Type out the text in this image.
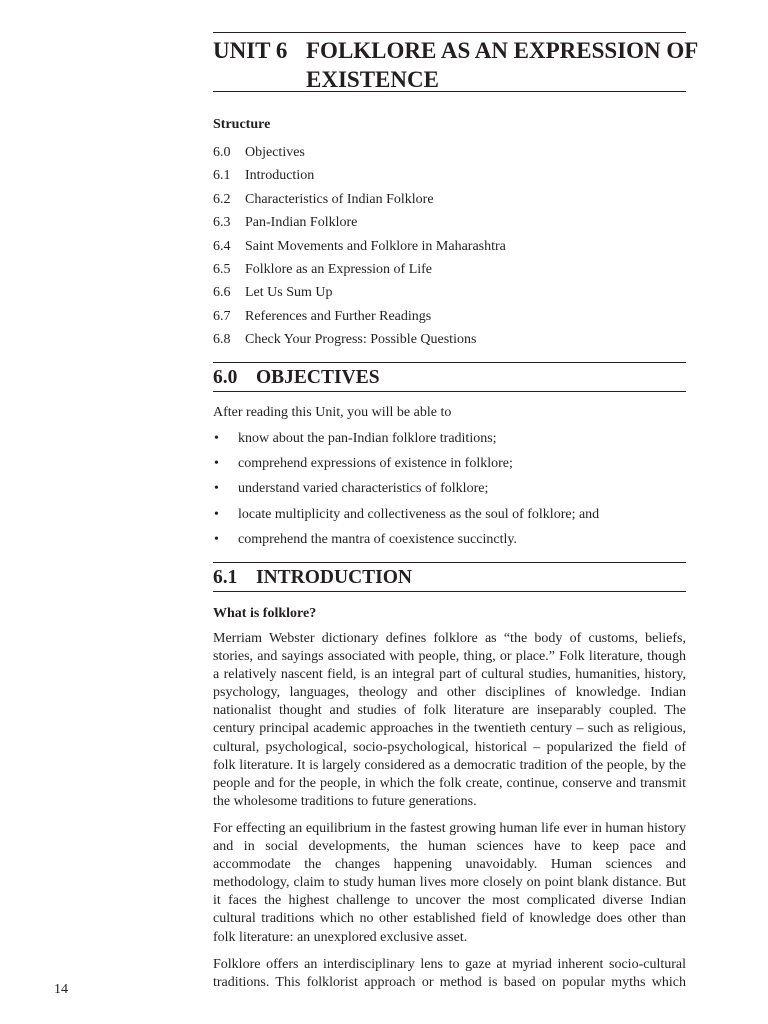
UNIT 6 FOLKLORE AS AN EXPRESSION OF EXISTENCE
Structure
6.0 Objectives
6.1 Introduction
6.2 Characteristics of Indian Folklore
6.3 Pan-Indian Folklore
6.4 Saint Movements and Folklore in Maharashtra
6.5 Folklore as an Expression of Life
6.6 Let Us Sum Up
6.7 References and Further Readings
6.8 Check Your Progress: Possible Questions
6.0 OBJECTIVES
After reading this Unit, you will be able to
• know about the pan-Indian folklore traditions;
• comprehend expressions of existence in folklore;
• understand varied characteristics of folklore;
• locate multiplicity and collectiveness as the soul of folklore; and
• comprehend the mantra of coexistence succinctly.
6.1 INTRODUCTION
What is folklore?

Merriam Webster dictionary defines folklore as “the body of customs, beliefs, stories, and sayings associated with people, thing, or place.” Folk literature, though a relatively nascent field, is an integral part of cultural studies, humanities, history, psychology, languages, theology and other disciplines of knowledge. Indian nationalist thought and studies of folk literature are inseparably coupled. The century principal academic approaches in the twentieth century – such as religious, cultural, psychological, socio-psychological, historical – popularized the field of folk literature. It is largely considered as a democratic tradition of the people, by the people and for the people, in which the folk create, continue, conserve and transmit the wholesome traditions to future generations.

For effecting an equilibrium in the fastest growing human life ever in human history and in social developments, the human sciences have to keep pace and accommodate the changes happening unavoidably. Human sciences and methodology, claim to study human lives more closely on point blank distance. But it faces the highest challenge to uncover the most complicated diverse Indian cultural traditions which no other established field of knowledge does other than folk literature: an unexplored exclusive asset.

Folklore offers an interdisciplinary lens to gaze at myriad inherent socio-cultural traditions. This folklorist approach or method is based on popular myths which

14
